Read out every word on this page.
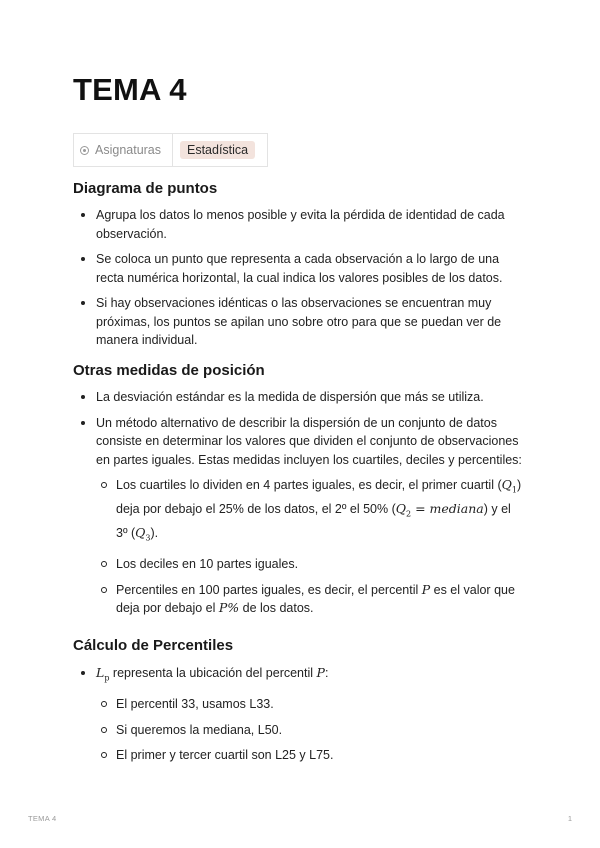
TEMA 4
Asignaturas	Estadística
Diagrama de puntos
Agrupa los datos lo menos posible y evita la pérdida de identidad de cada observación.
Se coloca un punto que representa a cada observación a lo largo de una recta numérica horizontal, la cual indica los valores posibles de los datos.
Si hay observaciones idénticas o las observaciones se encuentran muy próximas, los puntos se apilan uno sobre otro para que se puedan ver de manera individual.
Otras medidas de posición
La desviación estándar es la medida de dispersión que más se utiliza.
Un método alternativo de describir la dispersión de un conjunto de datos consiste en determinar los valores que dividen el conjunto de observaciones en partes iguales. Estas medidas incluyen los cuartiles, deciles y percentiles:
Los cuartiles lo dividen en 4 partes iguales, es decir, el primer cuartil $(Q_1)$ deja por debajo el 25% de los datos, el 2º el 50% ($Q_2$ = mediana) y el 3º $(Q_3)$.
Los deciles en 10 partes iguales.
Percentiles en 100 partes iguales, es decir, el percentil P es el valor que deja por debajo el P% de los datos.
Cálculo de Percentiles
$L_p$ representa la ubicación del percentil P:
El percentil 33, usamos L33.
Si queremos la mediana, L50.
El primer y tercer cuartil son L25 y L75.
TEMA 4	1
